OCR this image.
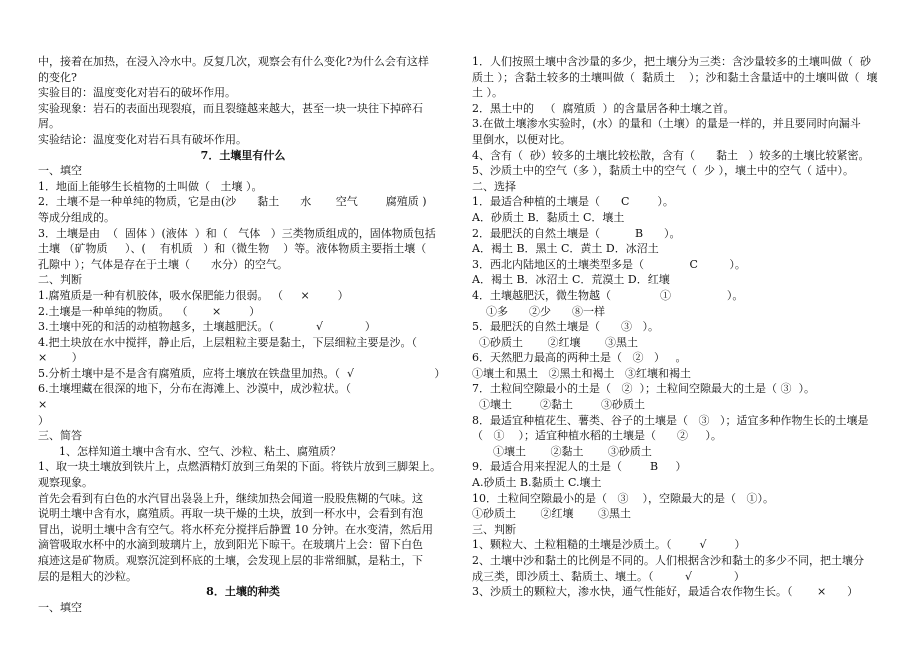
中，接着在加热，在浸入冷水中。反复几次，观察会有什么变化?为什么会有这样
的变化?
实验目的：温度变化对岩石的破坏作用。
实验现象：岩石的表面出现裂痕，而且裂缝越来越大，甚至一块一块往下掉碎石
屑。
实验结论：温度变化对岩石具有破坏作用。
7．土壤里有什么
一、填空
1．地面上能够生长植物的土叫做（   土壤 ）。
2．土壤不是一种单纯的物质，它是由(沙      黏土      水       空气        腐殖质 )
等成分组成的。
3．土壤是由  （  固体 ）(液体  ）和（   气体   ）三类物质组成的，固体物质包括
土壤 （矿物质     ）、(    有机质   ）和（微生物    ）等。液体物质主要指土壤（
孔隙中 ）；气体是存在于土壤（      水分）的空气。
二、判断
1.腐殖质是一种有机胶体，吸水保肥能力很弱。 （     ×        ）
2.土壤是一种单纯的物质。  （       ×        ）
3.土壤中死的和活的动植物越多，土壤越肥沃。（            √            ）
4.把土块放在水中搅拌，静止后，上层粗粒主要是黏土，下层细粒主要是沙。（
×       ）
5.分析土壤中是不是含有腐殖质，应将土壤放在铁盘里加热。（  √                       ）
6.土壤埋藏在很深的地下，分布在海滩上、沙漠中，成沙粒状。（                             ×
）
三、简答
1、怎样知道土壤中含有水、空气、沙粒、粘土、腐殖质？
1、取一块土壤放到铁片上，点燃酒精灯放到三角架的下面。将铁片放到三脚架上。
观察现象。
首先会看到有白色的水汽冒出袅袅上升，继续加热会闻道一股股焦糊的气味。这
说明土壤中含有水，腐殖质。再取一块干燥的土块，放到一杯水中，会看到有泡
冒出，说明土壤中含有空气。将水杯充分搅拌后静置 10 分钟。在水变清，然后用
滴管吸取水杯中的水滴到玻璃片上，放到阳光下晾干。在玻璃片上会：留下白色
痕迹这是矿物质。观察沉淀到杯底的土壤，会发现上层的非常细腻，是粘土，下
层的是粗大的沙粒。
8．土壤的种类
一、填空
1．人们按照土壤中含沙量的多少，把土壤分为三类：含沙量较多的土壤叫做（  砂
质土 ）；含黏土较多的土壤叫做（  黏质土    ）；沙和黏土含量适中的土壤叫做（  壤
土 ）。
2．黑土中的   （  腐殖质  ）的含量居各种土壤之首。
3.在做土壤渗水实验时，(水）的量和（土壤）的量是一样的，并且要同时向漏斗
里倒水，以便对比。
4、含有（  砂）较多的土壤比较松散，含有（      黏土   ）较多的土壤比较紧密。
5、沙质土中的空气（多 ），黏质土中的空气（  少 ），壤土中的空气（ 适中）。
二、选择
1．最适合种植的土壤是（      C        ）。
A．砂质土 B．黏质土 C．壤土
2．最肥沃的自然土壤是（          B      ）。
A．褐土 B．黑土 C．黄土 D．冰沼土
3．西北内陆地区的土壤类型多是（             C         ）。
A．褐土 B．冰沼土 C．荒漠土 D．红壤
4．土壤越肥沃，微生物越（              ①                ）。
①多      ②少      ⑧一样
5．最肥沃的自然土壤是（      ③   ）。
①砂质土       ②红壤       ③黑土
6．天然肥力最高的两种土是（   ②   ）   。
①壤土和黑土   ②黑土和褐土   ③红壤和褐土
7．土粒间空隙最小的土是（   ②  ）；土粒间空隙最大的土是（ ③  ）。
①壤土        ②黏土        ③砂质土
8．最适宜种植花生、薯类、谷子的土壤是（   ③   ）；适宜多种作物生长的土壤是
（   ①    ）；适宜种植水稻的土壤是（      ②     ）。
①壤土       ②黏土       ③砂质土
9．最适合用来捏泥人的土是（        B     ）
A.砂质土 B.黏质土 C.壤土
10．土粒间空隙最小的是（   ③    ），空隙最大的是（   ①）。
①砂质土       ②红壤       ③黑土
三、判断
1、颗粒大、土粒粗糙的土壤是沙质土。（        √        ）
2、土壤中沙和黏土的比例是不同的。人们根据含沙和黏土的多少不同，把土壤分
成三类，即沙质土、黏质土、壤土。（         √            ）
3、沙质土的颗粒大，渗水快，通气性能好，最适合农作物生长。（       ×      ）
